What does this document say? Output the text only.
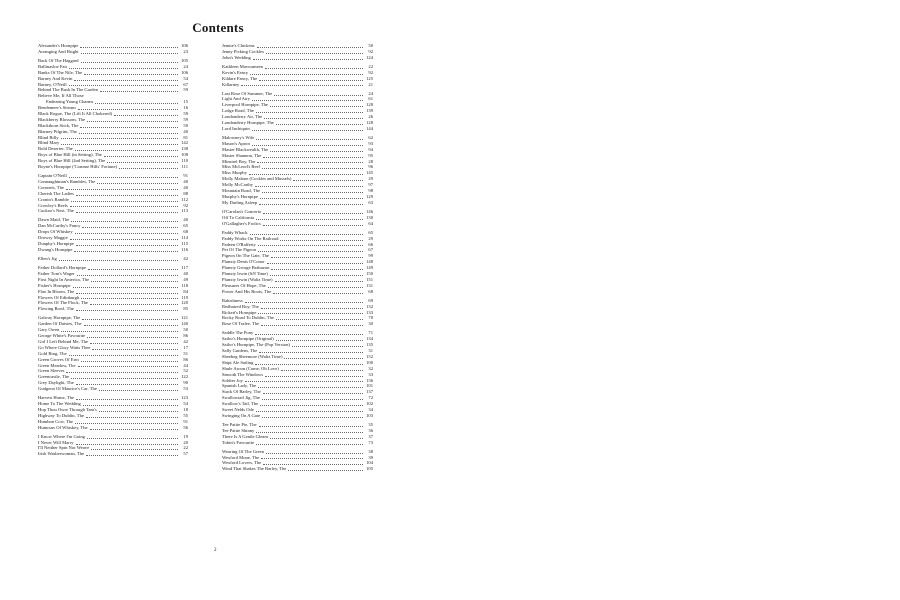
Contents
Alexander's Hornpipe	106
Arranging And Bright	23
Back Of The Haggard	105
Ballinasloe Fair	24
Banks Of The Nile, The	106
Barney And Kevin	54
Barney, O'Neill	67
Behind The Bush In The Garden	59
Believe Me, If All Those
Endearing Young Charms	15
Bendemeer's Stream	16
Black Rogue, The (Lift It All Chokered)	59
Blackberry Blossom, The	59
Blackthorn Stick, The	50
Blarney Pilgrim, The	40
Blind Billy	81
Blind Mary	142
Bold Deserter, The	138
Boys of Blue Hill (in Setting), The	108
Boys of Blue Hill (2nd Setting), The	110
Boyne's Hornpipe ('Comme Hills' Fortune)	111
Captain O'Neill	91
Connaughtman's Rambles, The	40
Coronets, The	40
Cherish The Ladies	88
Cronin's Ramble	112
Crowley's Reels	92
Cuckoo's Nest, The	113
Dawn Maid, The	40
Dan McCarthy's Fancy	65
Drops Of Whiskey	68
Drowsy Maggie	114
Dunphy's Hornpipe	115
Dwang's Hornpipe	116
Ellen's Jig	42
Father Dollard's Hornpipe	117
Father Tom's Wager	40
First Night In America, The	49
Fisher's Hornpipe	118
Flax In Bloom, The	84
Flowers Of Edinburgh	119
Flowers Of The Flock, The	120
Flowing Bowl, The	85
Galway Hornpipe, The	121
Garden Of Daisies, The	140
Gary Owen	50
George White's Favourite	86
Girl I Left Behind Me, The	42
Go Where Glory Waits Thee	17
Gold Ring, The	51
Green Groves Of Erin	86
Green Meadow, The	44
Green Sleeves	52
Greencastle, The	122
Grey Daylight, The	90
Gudgeon Of Maurice's Car, The	53
Harvest Home, The	123
Home To The Wedding	54
Hop Thou Owre Through Tam's	18
Highway To Dublin, The	55
Humbon Cow, The	91
Humours Of Whiskey, The	56
I Know Where I'm Going	19
I Never Will Marry	20
I'll Neither Spin Nor Weave	22
Irish Washerwoman, The	57
Jennie's Chickens	50
Jenny Picking Cockles	92
John's Wedding	124
Kathleen Mavourneen	22
Kevin's Fancy	92
Kildare Fancy, The	125
Killarney	21
Last Rose Of Summer, The	24
Light And Airy	61
Liverpool Hornpipe, The	128
Lodge Road, The	139
Londonderry Air, The	26
Londonderry Hornpipe, The	128
Lord Inchiquin	144
Malowney's Wife	62
Mason's Apron	93
Master Blackwealth, The	94
Master Shannon, The	95
Minstrel Boy, The	28
Miss McLeod's Reel	96
Miss Murphy	145
Molly Malone (Cockles and Mussels)	29
Molly McCarthy	97
Mountain Road, The	98
Murphy's Hornpipe	129
My Darling Asleep	63
O'Carolan's Concerto	146
Off To California	130
O'Gallagher's Frolics	64
Paddy Whack	65
Paddy Works On The Railroad	29
Padeen O'Rafferty	66
Pet Of The Pigeon	67
Pigeon On The Gate, The	99
Planxty Denis O'Conor	148
Planxty George Brabazon	149
Planxty Irwin (6/8 Time)	150
Planxty Irwin (Waltz Time)	151
Pleasures Of Hope, The	131
Power And His Boots, The	68
Rakishness	69
Redhaired Boy, The	132
Rickett's Hornpipe	133
Rocky Road To Dublin, The	70
Rose Of Tralee, The	30
Saddle The Pony	71
Sailor's Hornpipe (Original)	134
Sailor's Hornpipe, The (Pop Version)	135
Sally Gardens, The	31
Sheebeg Sheemore (Waltz Time)	152
Shipt Ale Sailing	100
Shule Aroon (Come, Oh Love)	32
Smooth The Windows	33
Soldier Joy	136
Spanish Lady, The	101
Stack Of Barley, The	137
Swallowtail Jig, The	72
Swallow's Tail, The	102
Sweet Nelds Ode	34
Swinging On A Gate	103
Tee Pattie Pie, The	35
Tee Pattie Shinny	36
There Is A Gentle Gleam	37
Tobin's Favourite	73
Wearing Of The Green	38
Wexford Mone, The	39
Wexford Lovers, The	104
Wind That Shakes The Barley, The	105
2
